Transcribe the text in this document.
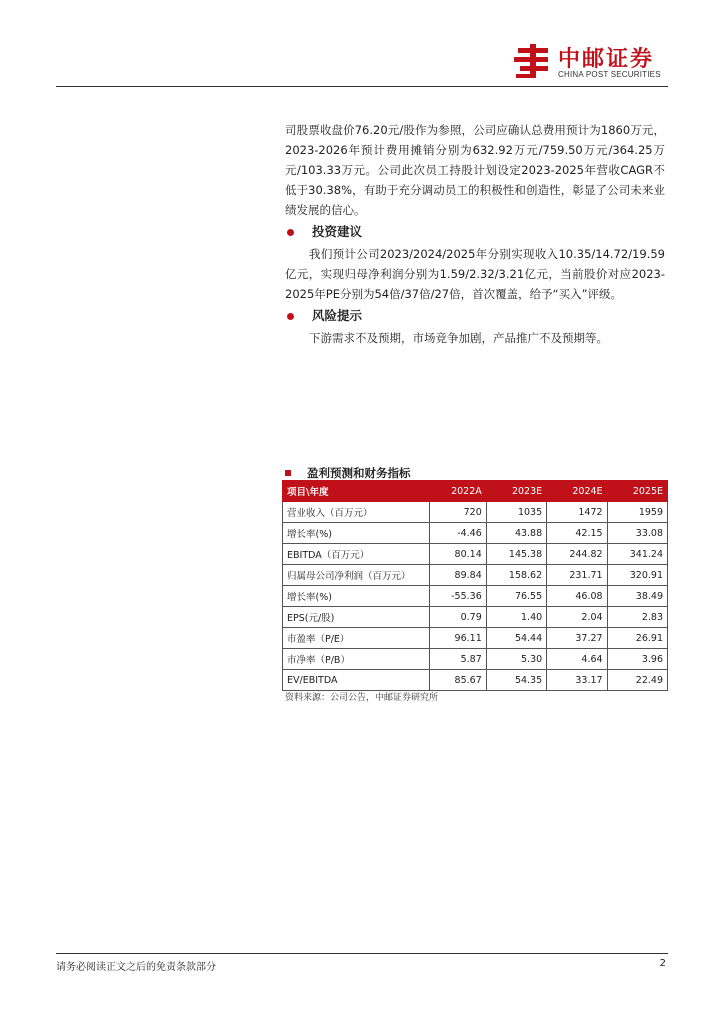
中邮证券
CHINA POST SECURITIES

司股票收盘价76.20元/股作为参照，公司应确认总费用预计为1860万元，2023-2026年预计费用摊销分别为632.92万元/759.50万元/364.25万元/103.33万元。公司此次员工持股计划设定2023-2025年营收CAGR不低于30.38%，有助于充分调动员工的积极性和创造性，彰显了公司未来业绩发展的信心。

投资建议

我们预计公司2023/2024/2025年分别实现收入10.35/14.72/19.59亿元，实现归母净利润分别为1.59/2.32/3.21亿元，当前股价对应2023-2025年PE分别为54倍/37倍/27倍，首次覆盖，给予“买入”评级。

风险提示

下游需求不及预期，市场竞争加剧，产品推广不及预期等。

盈利预测和财务指标
项目\年度	2022A	2023E	2024E	2025E
营业收入（百万元）	720	1035	1472	1959
增长率(%)	-4.46	43.88	42.15	33.08
EBITDA（百万元）	80.14	145.38	244.82	341.24
归属母公司净利润（百万元）	89.84	158.62	231.71	320.91
增长率(%)	-55.36	76.55	46.08	38.49
EPS(元/股)	0.79	1.40	2.04	2.83
市盈率（P/E）	96.11	54.44	37.27	26.91
市净率（P/B）	5.87	5.30	4.64	3.96
EV/EBITDA	85.67	54.35	33.17	22.49
资料来源：公司公告，中邮证券研究所
请务必阅读正文之后的免责条款部分	2
